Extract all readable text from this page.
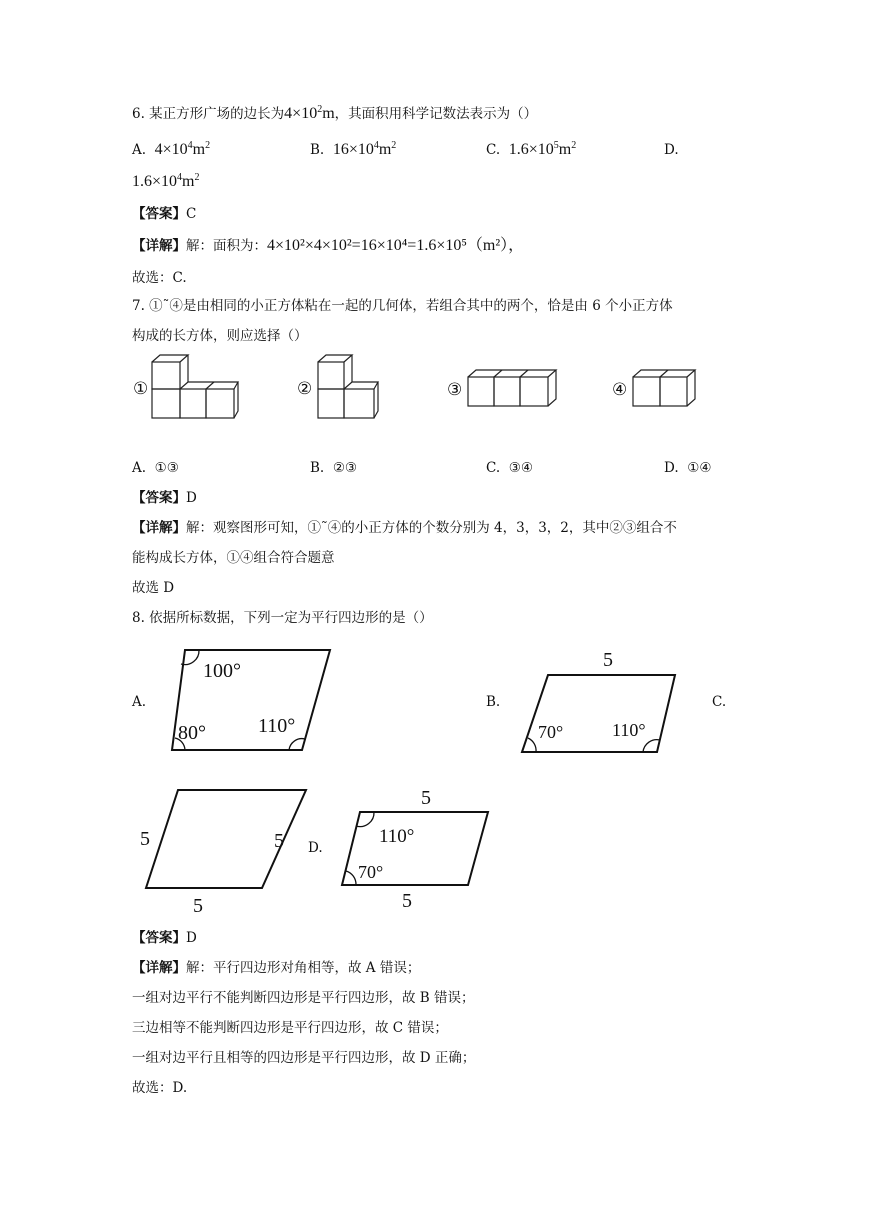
6. 某正方形广场的边长为$4\times 10^2m$，其面积用科学记数法表示为（）
A. $4\times 10^4m^2$	B. $16\times 10^4m^2$	C. $1.6\times 10^5m^2$	D.
$1.6\times 10^4m^2$
【答案】C
【详解】解：面积为：4×10²×4×10²=16×10⁴=1.6×10⁵（m²），
故选：C.
7. ①˜④是由相同的小正方体粘在一起的几何体，若组合其中的两个，恰是由 6 个小正方体
构成的长方体，则应选择（）
①	②	③	④
A. ①③	B. ②③	C. ③④	D. ①④
【答案】D
【详解】解：观察图形可知，①˜④的小正方体的个数分别为 4，3，3，2，其中②③组合不
能构成长方体，①④组合符合题意
故选 D
8. 依据所标数据，下列一定为平行四边形的是（）
A.	B.	C.
D.
100°
80°	110°
5
70°	110°
5	5
5
5
110°
70°
5
【答案】D
【详解】解：平行四边形对角相等，故 A 错误；
一组对边平行不能判断四边形是平行四边形，故 B 错误；
三边相等不能判断四边形是平行四边形，故 C 错误；
一组对边平行且相等的四边形是平行四边形，故 D 正确；
故选：D.
